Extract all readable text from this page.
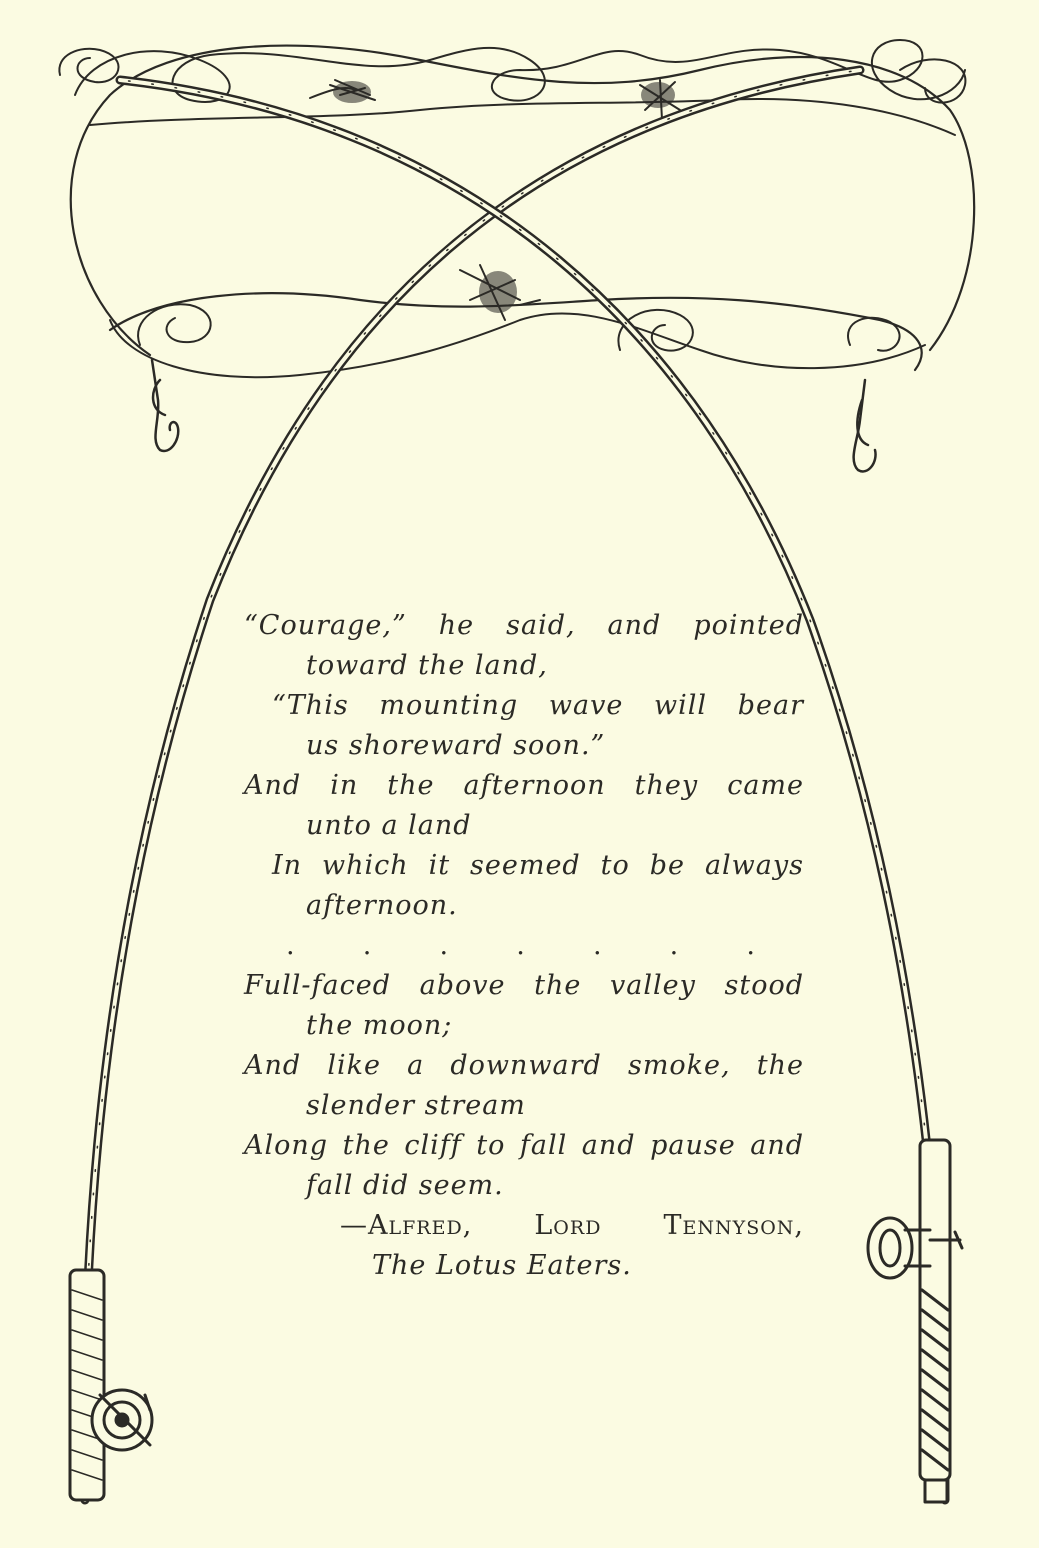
“Courage,” he said, and pointed
toward the land,
“This mounting wave will bear
us shoreward soon.”
And in the afternoon they came
unto a land
In which it seemed to be always
afternoon.
. . . . . . .
Full-faced above the valley stood
the moon;
And like a downward smoke, the
slender stream
Along the cliff to fall and pause and
fall did seem.
—Alfred, Lord Tennyson,
The Lotus Eaters.
